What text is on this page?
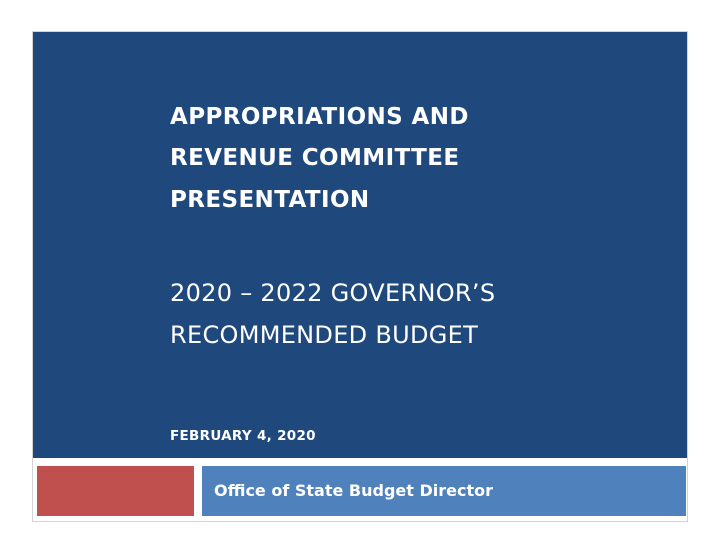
APPROPRIATIONS AND
REVENUE COMMITTEE
PRESENTATION
2020 – 2022 GOVERNOR’S
RECOMMENDED BUDGET

FEBRUARY 4, 2020

Office of State Budget Director
